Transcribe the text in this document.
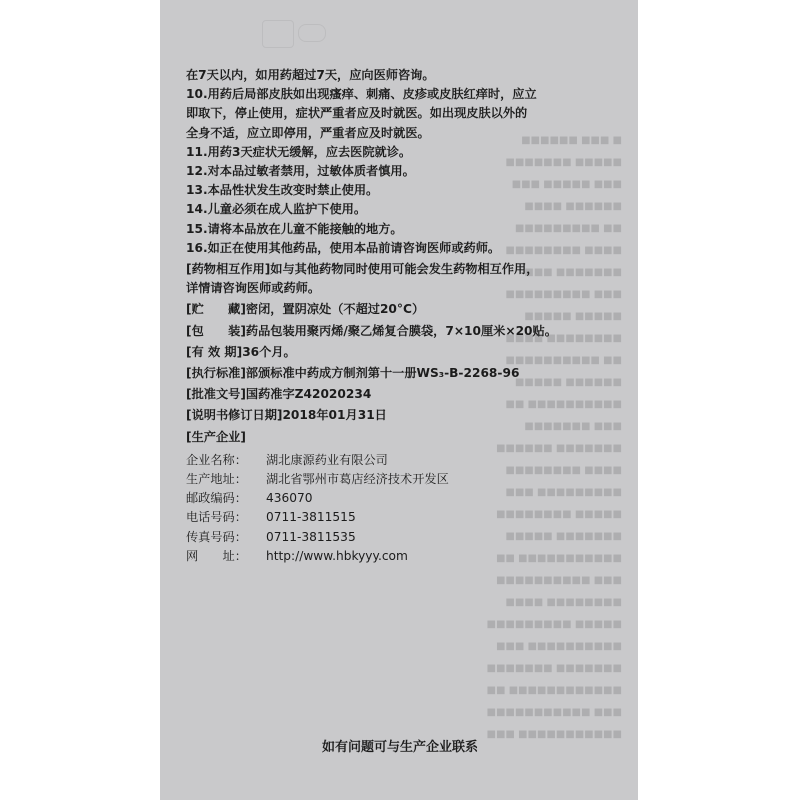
■ ■■■ ■■■■■■
■■■■■ ■■■■■■■
■■■ ■■■■■ ■■■
■■■■■■ ■■■■
■■ ■■■■■■■■■
■■■■ ■■■■■■■■
■■■■■■■ ■■■
■■■ ■■■■■■■■■
■■■■■ ■■■■■
■■■■■■■■ ■■■■
■■ ■■■■■■■■■■
■■■■■■ ■■■■■
■■■■■■■■■■ ■■
■■■ ■■■■■■■
■■■■■■■ ■■■■■■
■■■■ ■■■■■■■■
■■■■■■■■■ ■■■
■■■■■ ■■■■■■■■
■■■■■■■ ■■■■■
■■■■■■■■■■■ ■■
■■■ ■■■■■■■■■■
■■■■■■■■ ■■■■
■■■■■ ■■■■■■■■■
■■■■■■■■■■ ■■■
■■■■■■■ ■■■■■■■
■■■■■■■■■■■■ ■■
■■■ ■■■■■■■■■■■
■■■■■■■■■■■ ■■■

在7天以内，如用药超过7天，应向医师咨询。

10.用药后局部皮肤如出现瘙痒、刺痛、皮疹或皮肤红痒时，应立

即取下，停止使用，症状严重者应及时就医。如出现皮肤以外的

全身不适，应立即停用，严重者应及时就医。

11.用药3天症状无缓解，应去医院就诊。

12.对本品过敏者禁用，过敏体质者慎用。

13.本品性状发生改变时禁止使用。

14.儿童必须在成人监护下使用。

15.请将本品放在儿童不能接触的地方。

16.如正在使用其他药品，使用本品前请咨询医师或药师。

[药物相互作用]如与其他药物同时使用可能会发生药物相互作用，

详情请咨询医师或药师。

[贮　　藏]密闭，置阴凉处（不超过20°C）

[包　　装]药品包装用聚丙烯/聚乙烯复合膜袋，7×10厘米×20贴。

[有 效 期]36个月。

[执行标准]部颁标准中药成方制剂第十一册WS₃-B-2268-96

[批准文号]国药准字Z42020234

[说明书修订日期]2018年01月31日

[生产企业]

企业名称： 湖北康源药业有限公司

生产地址： 湖北省鄂州市葛店经济技术开发区

邮政编码： 436070

电话号码： 0711-3811515

传真号码： 0711-3811535

网　　址： http://www.hbkyyy.com

如有问题可与生产企业联系
